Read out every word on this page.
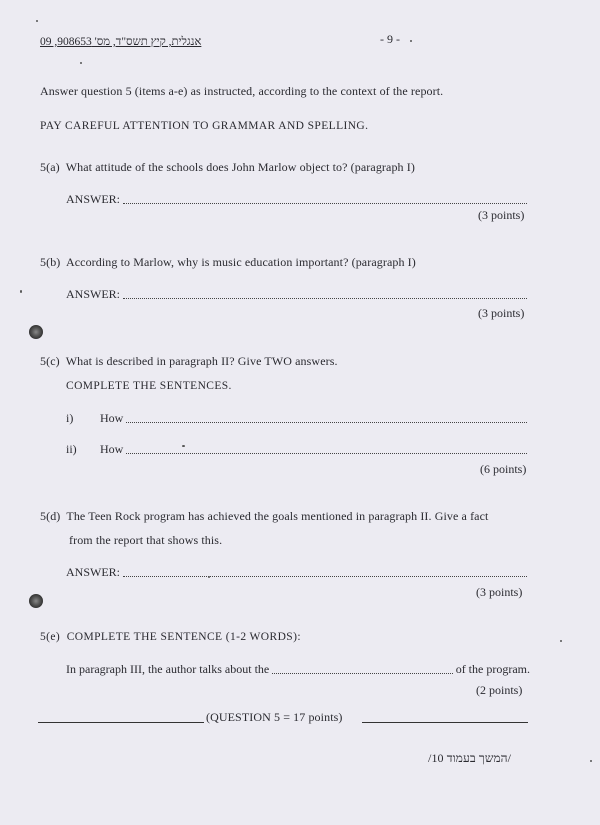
אנגלית, קיץ תשס"ד, מס' 908653, 09	- 9 -
Answer question 5 (items a-e) as instructed, according to the context of the report.
PAY CAREFUL ATTENTION TO GRAMMAR AND SPELLING.
5(a) What attitude of the schools does John Marlow object to? (paragraph I)
ANSWER:
(3 points)
5(b) According to Marlow, why is music education important? (paragraph I)
ANSWER:
(3 points)
5(c) What is described in paragraph II? Give TWO answers.
COMPLETE THE SENTENCES.
i)	How
ii)	How
(6 points)
5(d) The Teen Rock program has achieved the goals mentioned in paragraph II. Give a fact
from the report that shows this.
ANSWER:
(3 points)
5(e) COMPLETE THE SENTENCE (1-2 WORDS):
In paragraph III, the author talks about the	of the program.
(2 points)
(QUESTION 5 = 17 points)
/המשך בעמוד 10/
